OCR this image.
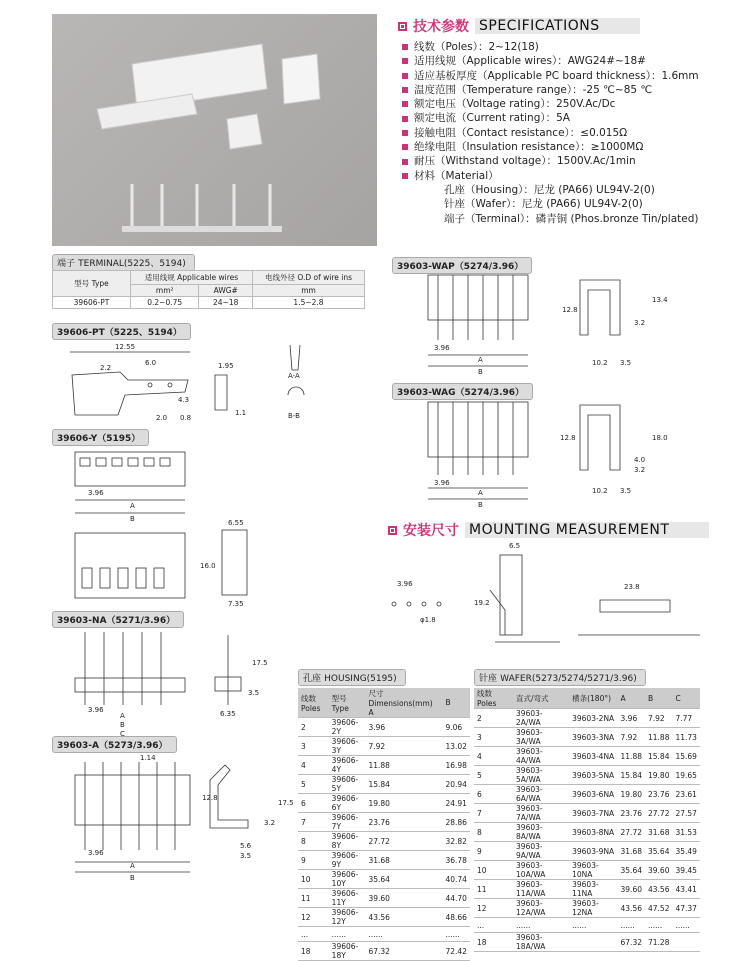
技术参数 SPECIFICATIONS
线数（Poles）：2~12(18)
适用线规（Applicable wires）：AWG24#~18#
适应基板厚度（Applicable PC board thickness）：1.6mm
温度范围（Temperature range）：-25 ℃~85 ℃
额定电压（Voltage rating）：250V.Ac/Dc
额定电流（Current rating）：5A
接触电阻（Contact resistance）：≤0.015Ω
绝缘电阻（Insulation resistance）：≥1000MΩ
耐压（Withstand voltage）：1500V.Ac/1min
材料（Material）
孔座（Housing）：尼龙 (PA66) UL94V-2(0)
针座（Wafer）：尼龙 (PA66) UL94V-2(0)
端子（Terminal）：磷青铜 (Phos.bronze Tin/plated)
端子 TERMINAL(5225、5194)
型号 Type	适用线规 Applicable wires		电线外径 O.D of wire ins
	mm²	AWG#	mm
39606-PT	0.2~0.75	24~18	1.5~2.8
39606-PT（5225、5194）
39606-Y（5195）
39603-NA（5271/3.96）
39603-A（5273/3.96）
39603-WAP（5274/3.96）
39603-WAG（5274/3.96）
12.55
6.0
2.2
4.3
2.0 0.8
1.95
1.1
A-A
B-B
3.96
A
B	6.55
16.0
7.35
3.96
A
B
C
17.5
3.5
6.35
1.14
3.96
A
B
12.8
17.5
3.2
5.6
3.5
3.96
A
B
12.8
13.4
3.2
10.2 3.5
3.96
A
B
12.8	18.0
4.0
3.2
10.2 3.5
3.96
φ1.8
6.5
19.2
23.8
安装尺寸 MOUNTING MEASUREMENT
孔座 HOUSING(5195)
线数 Poles	型号 Type	尺寸Dimensions(mm) A	B
2	39606-2Y	3.96	9.06
3	39606-3Y	7.92	13.02
4	39606-4Y	11.88	16.98
5	39606-5Y	15.84	20.94
6	39606-6Y	19.80	24.91
7	39606-7Y	23.76	28.86
8	39606-8Y	27.72	32.82
9	39606-9Y	31.68	36.78
10	39606-10Y	35.64	40.74
11	39606-11Y	39.60	44.70
12	39606-12Y	43.56	48.66
...	......	......	......
18	39606-18Y	67.32	72.42
针座 WAFER(5273/5274/5271/3.96)
线数 Poles	直式/弯式	横条(180°)	A	B	C
2	39603-2A/WA	39603-2NA	3.96	7.92	7.77
3	39603-3A/WA	39603-3NA	7.92	11.88	11.73
4	39603-4A/WA	39603-4NA	11.88	15.84	15.69
5	39603-5A/WA	39603-5NA	15.84	19.80	19.65
6	39603-6A/WA	39603-6NA	19.80	23.76	23.61
7	39603-7A/WA	39603-7NA	23.76	27.72	27.57
8	39603-8A/WA	39603-8NA	27.72	31.68	31.53
9	39603-9A/WA	39603-9NA	31.68	35.64	35.49
10	39603-10A/WA	39603-10NA	35.64	39.60	39.45
11	39603-11A/WA	39603-11NA	39.60	43.56	43.41
12	39603-12A/WA	39603-12NA	43.56	47.52	47.37
...	......	......	......	......	......
18	39603-18A/WA		67.32	71.28	
